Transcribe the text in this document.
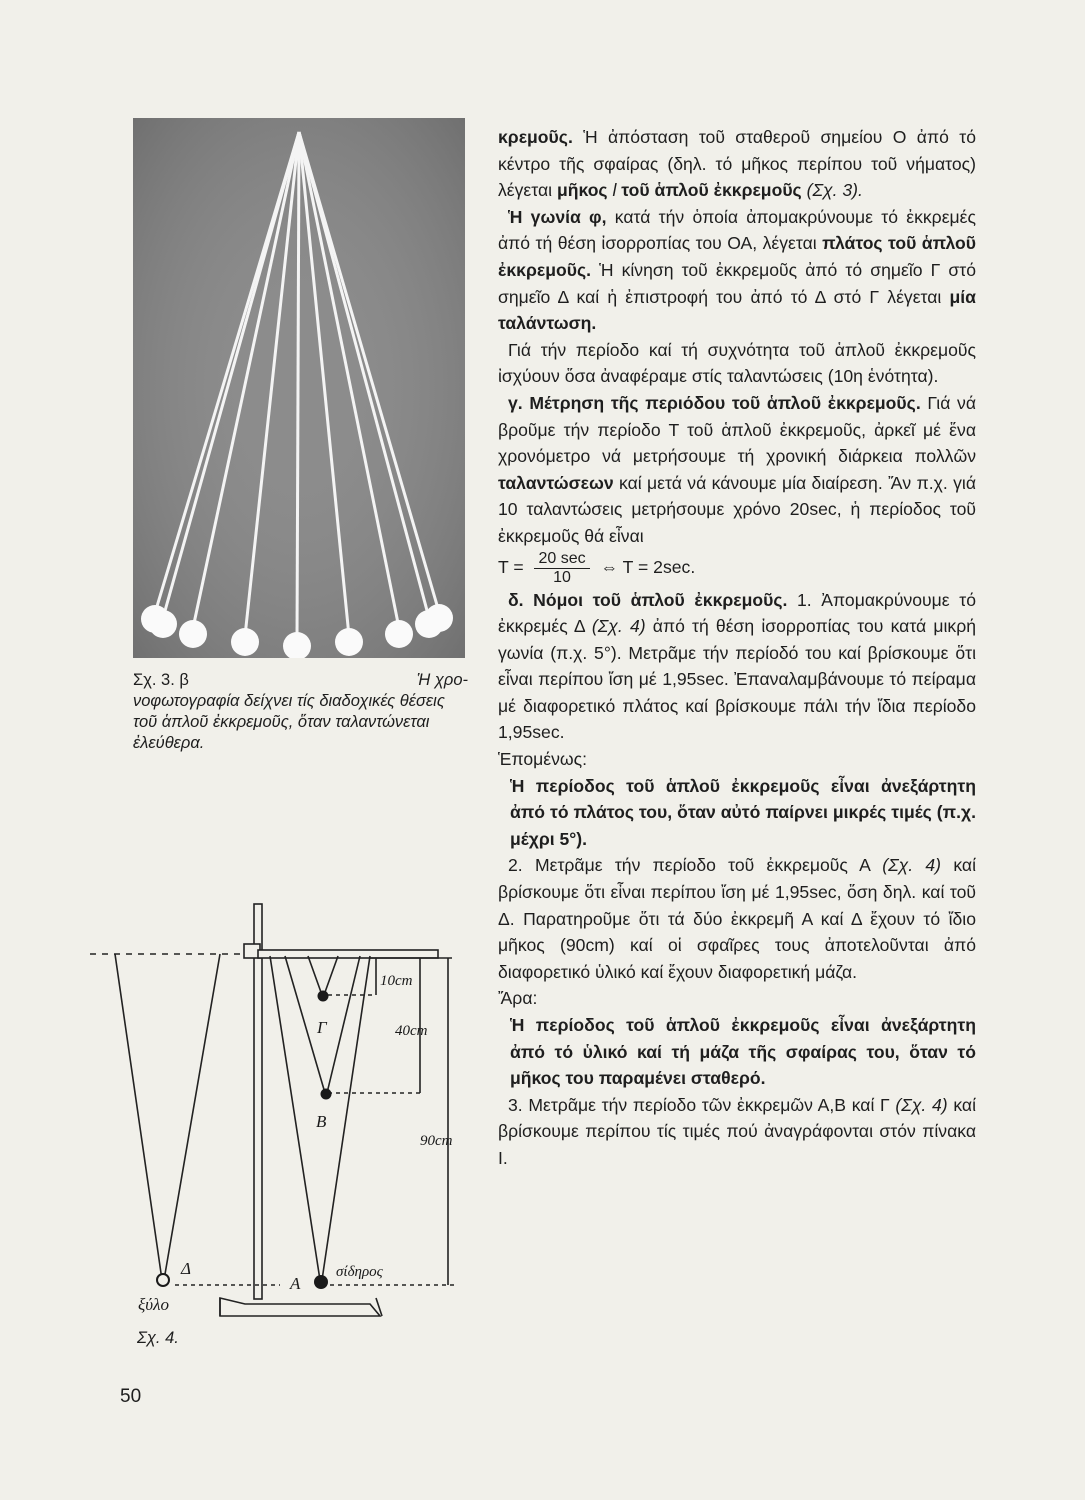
Σχ. 3. β	Ἡ χρο-

νοφωτογραφία δείχνει τίς διαδοχικές θέσεις τοῦ ἁπλοῦ ἐκκρεμοῦς, ὅταν ταλαντώνεται ἐλεύθερα.
10cm
40cm
90cm
Γ
Β
Α
Δ	σίδηρος
ξύλο
Σχ. 4.
50

κρεμοῦς. Ἡ ἀπόσταση τοῦ σταθεροῦ σημείου Ο ἀπό τό κέντρο τῆς σφαίρας (δηλ. τό μῆκος περίπου τοῦ νήματος) λέγεται μῆκος l τοῦ ἁπλοῦ ἐκκρεμοῦς (Σχ. 3).

Ἡ γωνία φ, κατά τήν ὁποία ἀπομακρύνουμε τό ἐκκρεμές ἀπό τή θέση ἰσορροπίας του ΟΑ, λέγεται πλάτος τοῦ ἁπλοῦ ἐκκρεμοῦς. Ἡ κίνηση τοῦ ἐκκρεμοῦς ἀπό τό σημεῖο Γ στό σημεῖο Δ καί ἡ ἐπιστροφή του ἀπό τό Δ στό Γ λέγεται μία ταλάντωση.

Γιά τήν περίοδο καί τή συχνότητα τοῦ ἁπλοῦ ἐκκρεμοῦς ἰσχύουν ὅσα ἀναφέραμε στίς ταλαντώσεις (10η ἑνότητα).

γ. Μέτρηση τῆς περιόδου τοῦ ἁπλοῦ ἐκκρεμοῦς. Γιά νά βροῦμε τήν περίοδο Τ τοῦ ἁπλοῦ ἐκκρεμοῦς, ἀρκεῖ μέ ἕνα χρονόμετρο νά μετρήσουμε τή χρονική διάρκεια πολλῶν ταλαντώσεων καί μετά νά κάνουμε μία διαίρεση. Ἄν π.χ. γιά 10 ταλαντώσεις μετρήσουμε χρόνο 20sec, ἡ περίοδος τοῦ ἐκκρεμοῦς θά εἶναι

$T = \frac{20 \sec}{10}$ ⇔ T = 2sec.

δ. Νόμοι τοῦ ἁπλοῦ ἐκκρεμοῦς. 1. Ἀπομακρύνουμε τό ἐκκρεμές Δ (Σχ. 4) ἀπό τή θέση ἰσορροπίας του κατά μικρή γωνία (π.χ. 5°). Μετρᾶμε τήν περίοδό του καί βρίσκουμε ὅτι εἶναι περίπου ἴση μέ 1,95sec. Ἐπαναλαμβάνουμε τό πείραμα μέ διαφορετικό πλάτος καί βρίσκουμε πάλι τήν ἴδια περίοδο 1,95sec.

Ἑπομένως:

Ἡ περίοδος τοῦ ἁπλοῦ ἐκκρεμοῦς εἶναι ἀνεξάρτητη ἀπό τό πλάτος του, ὅταν αὐτό παίρνει μικρές τιμές (π.χ. μέχρι 5°).

2. Μετρᾶμε τήν περίοδο τοῦ ἐκκρεμοῦς Α (Σχ. 4) καί βρίσκουμε ὅτι εἶναι περίπου ἴση μέ 1,95sec, ὅση δηλ. καί τοῦ Δ. Παρατηροῦμε ὅτι τά δύο ἐκκρεμῆ Α καί Δ ἔχουν τό ἴδιο μῆκος (90cm) καί οἱ σφαῖρες τους ἀποτελοῦνται ἀπό διαφορετικό ὑλικό καί ἔχουν διαφορετική μάζα.

Ἄρα:

Ἡ περίοδος τοῦ ἁπλοῦ ἐκκρεμοῦς εἶναι ἀνεξάρτητη ἀπό τό ὑλικό καί τή μάζα τῆς σφαίρας του, ὅταν τό μῆκος του παραμένει σταθερό.

3. Μετρᾶμε τήν περίοδο τῶν ἐκκρεμῶν Α,Β καί Γ (Σχ. 4) καί βρίσκουμε περίπου τίς τιμές πού ἀναγράφονται στόν πίνακα Ι.
